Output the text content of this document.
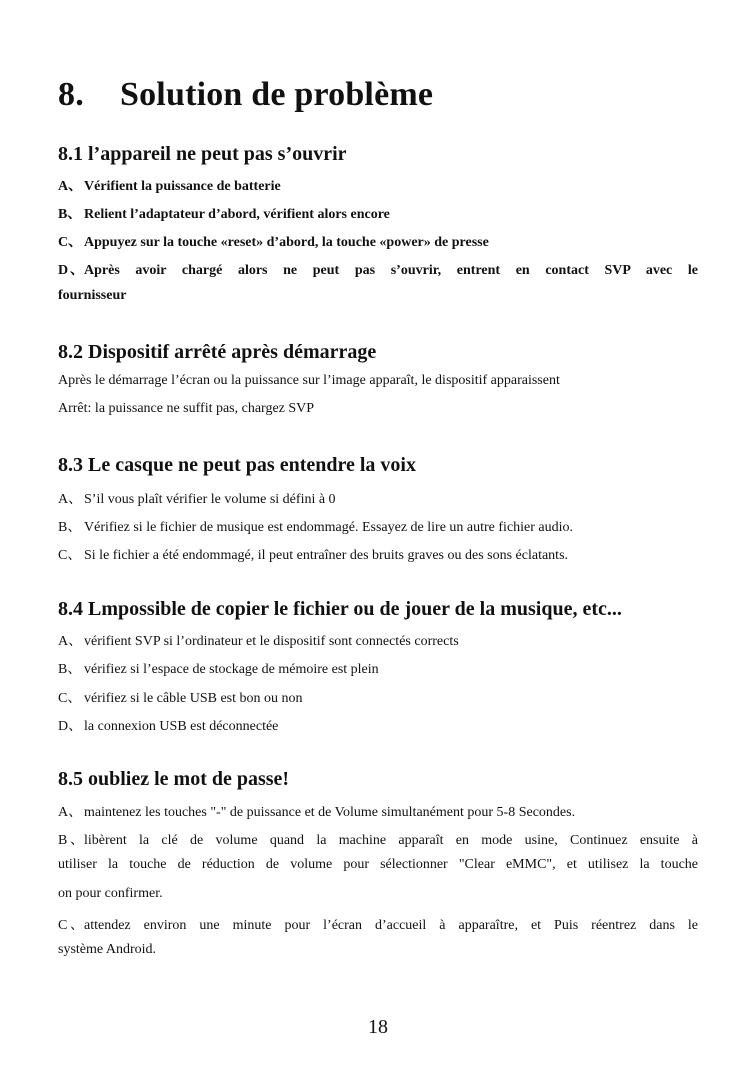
8. Solution de problème
8.1 l’appareil ne peut pas s’ouvrir
A、 Vérifient la puissance de batterie
B、 Relient l’adaptateur d’abord, vérifient alors encore
C、 Appuyez sur la touche «reset» d’abord, la touche «power» de presse
D、Après avoir chargé alors ne peut pas s’ouvrir, entrent en contact SVP avec le
fournisseur
8.2 Dispositif arrêté après démarrage
Après le démarrage l’écran ou la puissance sur l’image apparaît, le dispositif apparaissent
Arrêt: la puissance ne suffit pas, chargez SVP
8.3 Le casque ne peut pas entendre la voix
A、 S’il vous plaît vérifier le volume si défini à 0
B、 Vérifiez si le fichier de musique est endommagé. Essayez de lire un autre fichier audio.
C、 Si le fichier a été endommagé, il peut entraîner des bruits graves ou des sons éclatants.
8.4 Lmpossible de copier le fichier ou de jouer de la musique, etc...
A、 vérifient SVP si l’ordinateur et le dispositif sont connectés corrects
B、 vérifiez si l’espace de stockage de mémoire est plein
C、 vérifiez si le câble USB est bon ou non
D、 la connexion USB est déconnectée
8.5 oubliez le mot de passe!
A、 maintenez les touches "-" de puissance et de Volume simultanément pour 5-8 Secondes.
B、libèrent la clé de volume quand la machine apparaît en mode usine, Continuez ensuite à
utiliser la touche de réduction de volume pour sélectionner "Clear eMMC", et utilisez la touche
on pour confirmer.
C、attendez environ une minute pour l’écran d’accueil à apparaître, et Puis réentrez dans le
système Android.
18
